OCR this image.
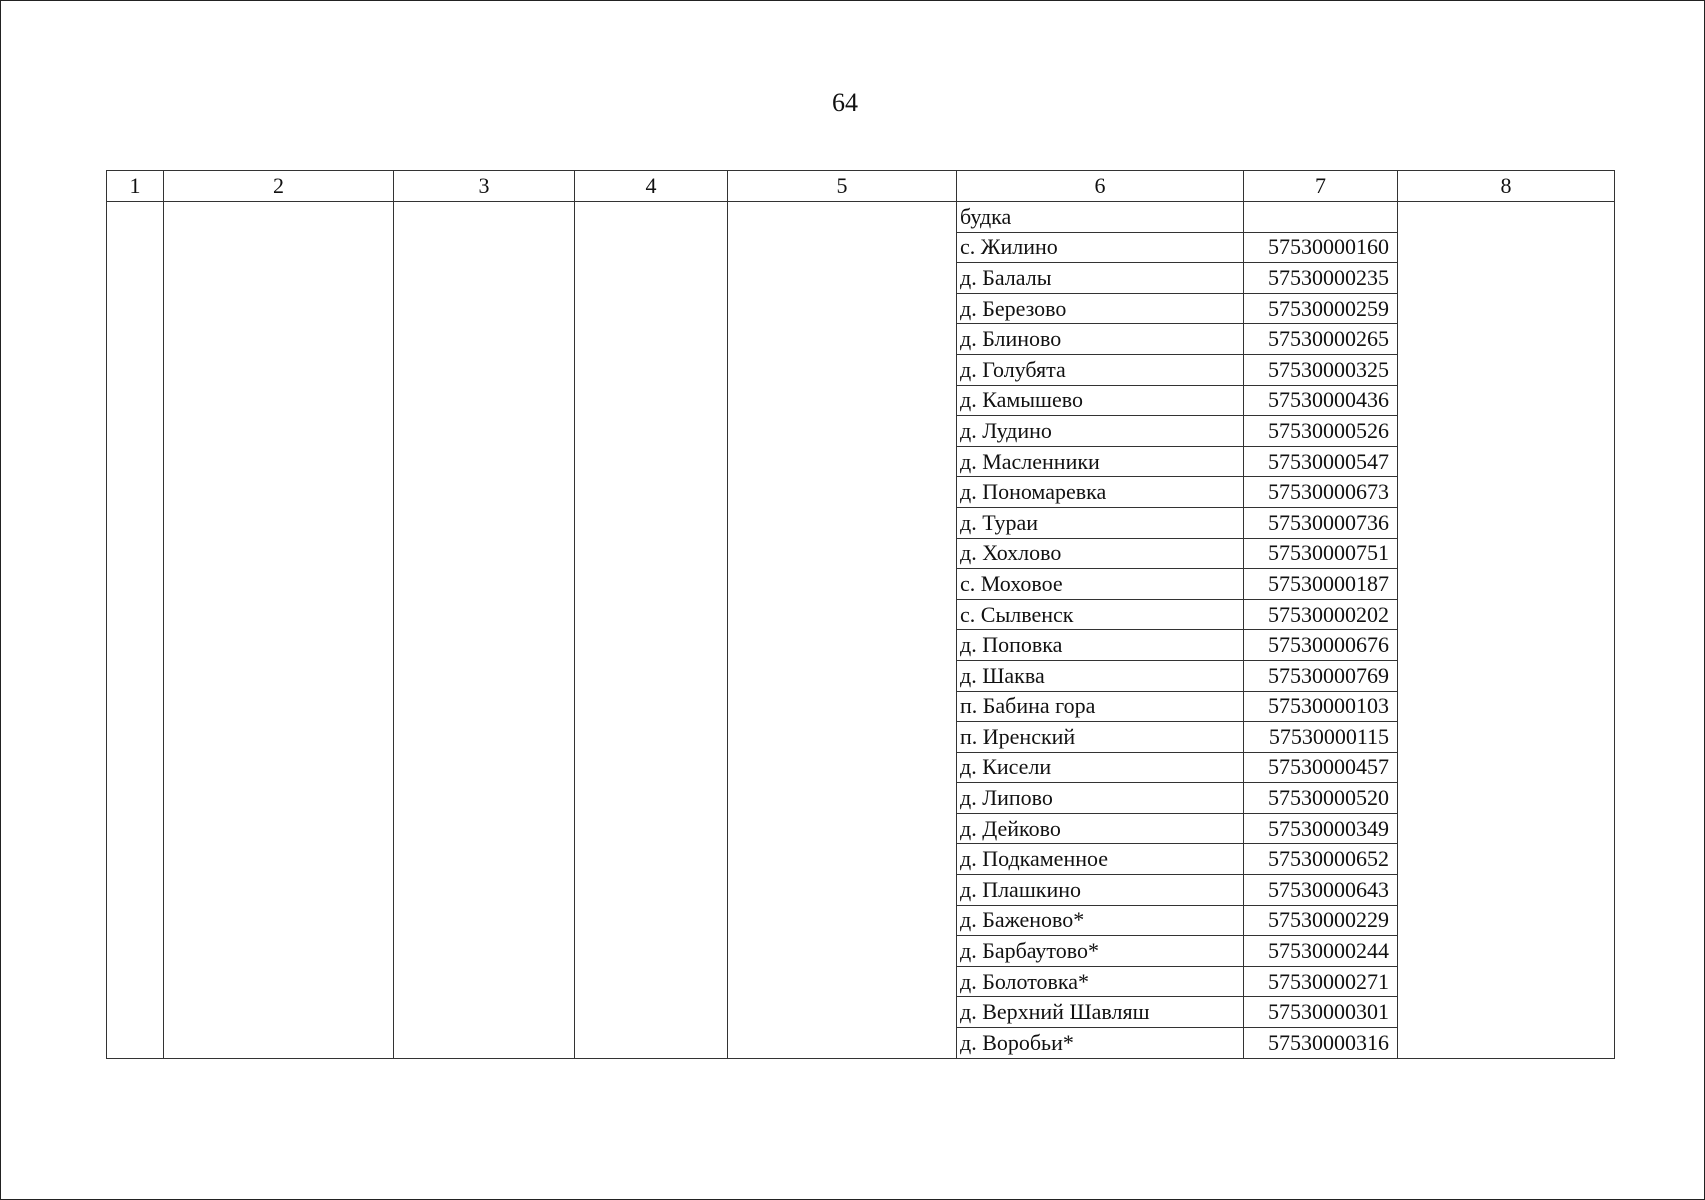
64
1	2	3	4	5	6	7	8
					будка		
					с. Жилино	57530000160	
					д. Балалы	57530000235	
					д. Березово	57530000259	
					д. Блиново	57530000265	
					д. Голубята	57530000325	
					д. Камышево	57530000436	
					д. Лудино	57530000526	
					д. Масленники	57530000547	
					д. Пономаревка	57530000673	
					д. Тураи	57530000736	
					д. Хохлово	57530000751	
					с. Моховое	57530000187	
					с. Сылвенск	57530000202	
					д. Поповка	57530000676	
					д. Шаква	57530000769	
					п. Бабина гора	57530000103	
					п. Иренский	57530000115	
					д. Кисели	57530000457	
					д. Липово	57530000520	
					д. Дейково	57530000349	
					д. Подкаменное	57530000652	
					д. Плашкино	57530000643	
					д. Баженово*	57530000229	
					д. Барбаутово*	57530000244	
					д. Болотовка*	57530000271	
					д. Верхний Шавляш	57530000301	
					д. Воробьи*	57530000316	
